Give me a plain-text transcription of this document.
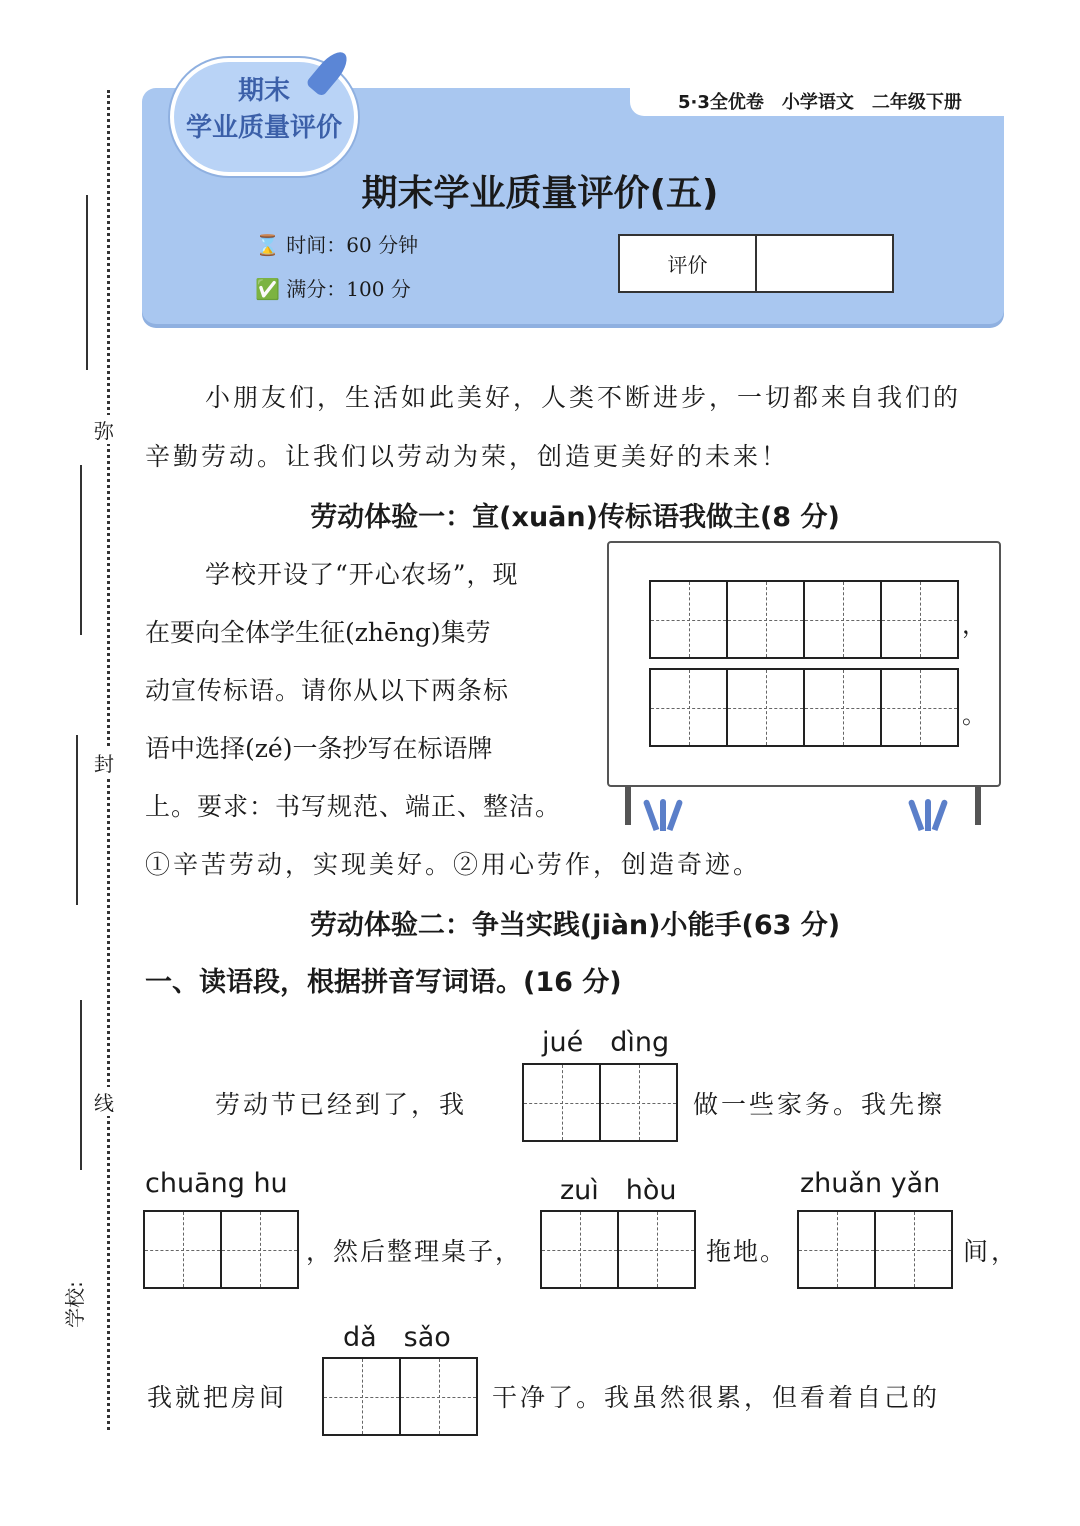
弥
封
线
学校:
期末
学业质量评价
5·3全优卷　小学语文　二年级下册
期末学业质量评价(五)
⌛ 时间：60 分钟
✅ 满分：100 分
评价
小朋友们，生活如此美好，人类不断进步，一切都来自我们的
辛勤劳动。让我们以劳动为荣，创造更美好的未来！
劳动体验一：宣(xuān)传标语我做主(8 分)
，
。
学校开设了“开心农场”，现
在要向全体学生征(zhēng)集劳
动宣传标语。请你从以下两条标
语中选择(zé)一条抄写在标语牌
上。要求：书写规范、端正、整洁。
①辛苦劳动，实现美好。②用心劳作，创造奇迹。
劳动体验二：争当实践(jiàn)小能手(63 分)
一、读语段，根据拼音写词语。(16 分)
jué　dìng
劳动节已经到了，我	做一些家务。我先擦
chuāng hu	zuì　hòu	zhuǎn yǎn
，然后整理桌子，	拖地。	间，
dǎ　sǎo
我就把房间	干净了。我虽然很累，但看着自己的
